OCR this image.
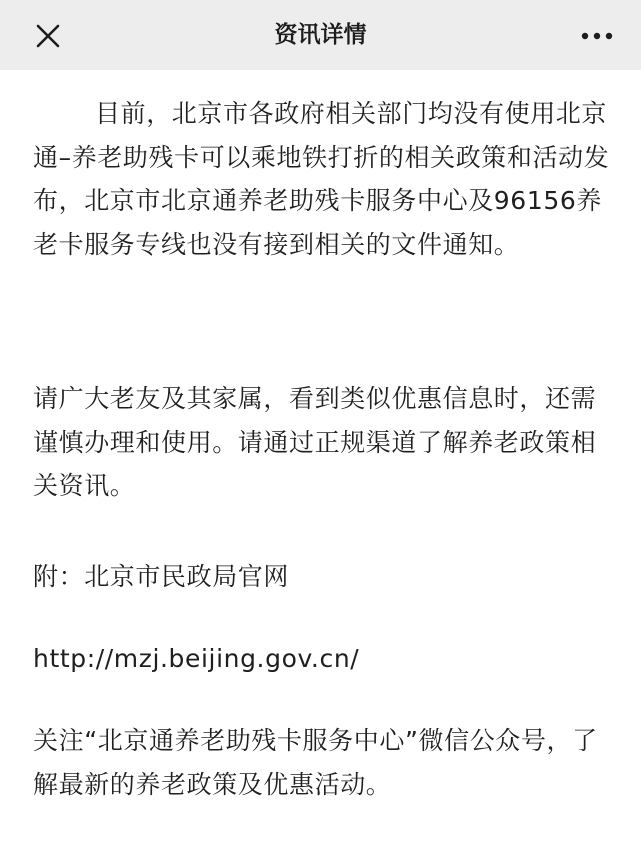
资讯详情

目前，北京市各政府相关部门均没有使用北京通–养老助残卡可以乘地铁打折的相关政策和活动发布，北京市北京通养老助残卡服务中心及96156养老卡服务专线也没有接到相关的文件通知。

请广大老友及其家属，看到类似优惠信息时，还需谨慎办理和使用。请通过正规渠道了解养老政策相关资讯。

附：北京市民政局官网

http://mzj.beijing.gov.cn/

关注“北京通养老助残卡服务中心”微信公众号，了解最新的养老政策及优惠活动。
